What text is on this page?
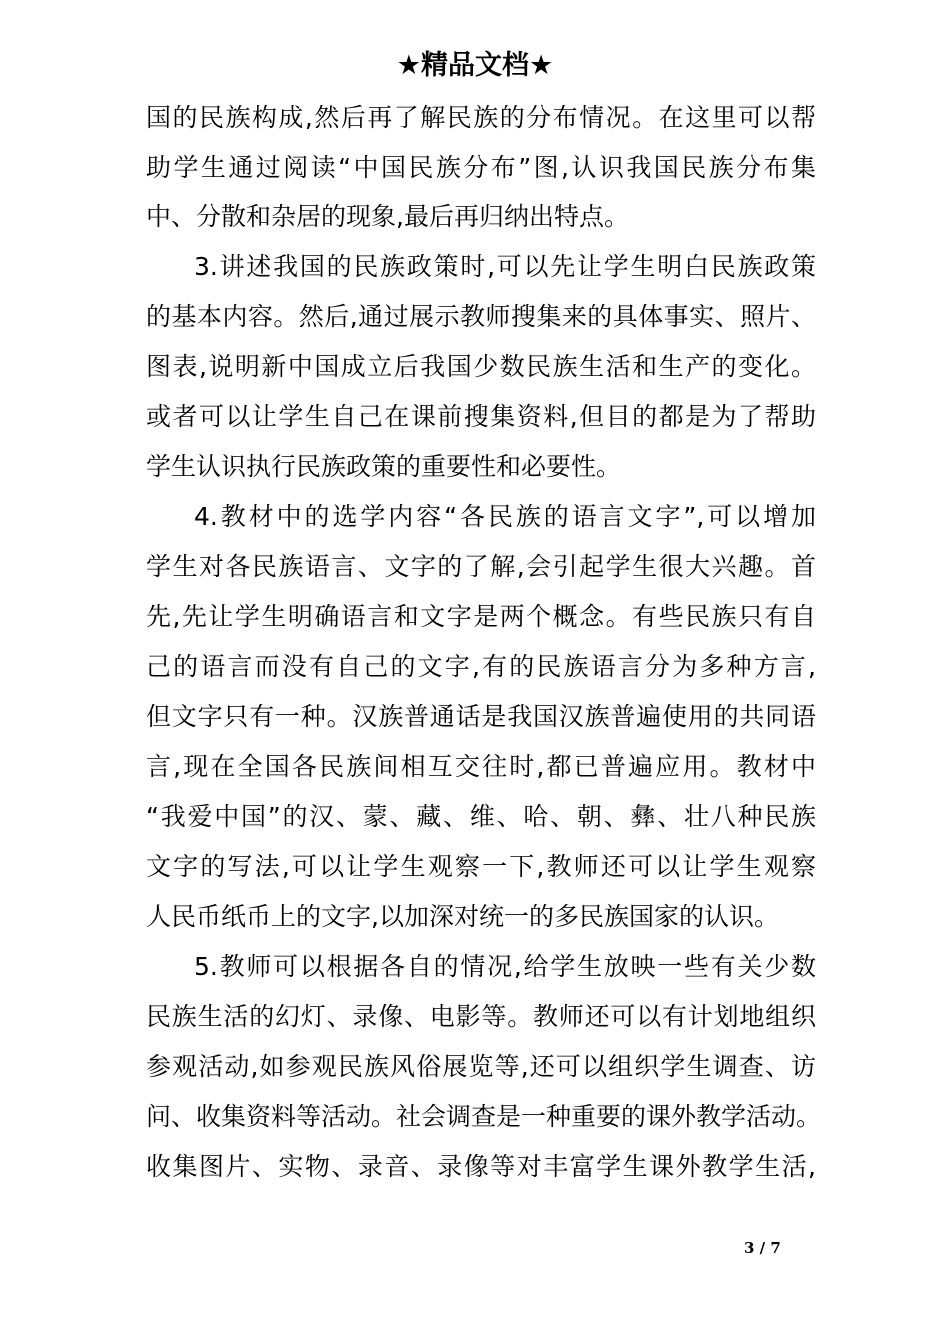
★精品文档★
国的民族构成,然后再了解民族的分布情况。在这里可以帮
助学生通过阅读“中国民族分布”图,认识我国民族分布集
中、分散和杂居的现象,最后再归纳出特点。
3.讲述我国的民族政策时,可以先让学生明白民族政策
的基本内容。然后,通过展示教师搜集来的具体事实、照片、
图表,说明新中国成立后我国少数民族生活和生产的变化。
或者可以让学生自己在课前搜集资料,但目的都是为了帮助
学生认识执行民族政策的重要性和必要性。
4.教材中的选学内容“各民族的语言文字”,可以增加
学生对各民族语言、文字的了解,会引起学生很大兴趣。首
先,先让学生明确语言和文字是两个概念。有些民族只有自
己的语言而没有自己的文字,有的民族语言分为多种方言,
但文字只有一种。汉族普通话是我国汉族普遍使用的共同语
言,现在全国各民族间相互交往时,都已普遍应用。教材中
“我爱中国”的汉、蒙、藏、维、哈、朝、彝、壮八种民族
文字的写法,可以让学生观察一下,教师还可以让学生观察
人民币纸币上的文字,以加深对统一的多民族国家的认识。
5.教师可以根据各自的情况,给学生放映一些有关少数
民族生活的幻灯、录像、电影等。教师还可以有计划地组织
参观活动,如参观民族风俗展览等,还可以组织学生调查、访
问、收集资料等活动。社会调查是一种重要的课外教学活动。
收集图片、实物、录音、录像等对丰富学生课外教学生活,
3 / 7
